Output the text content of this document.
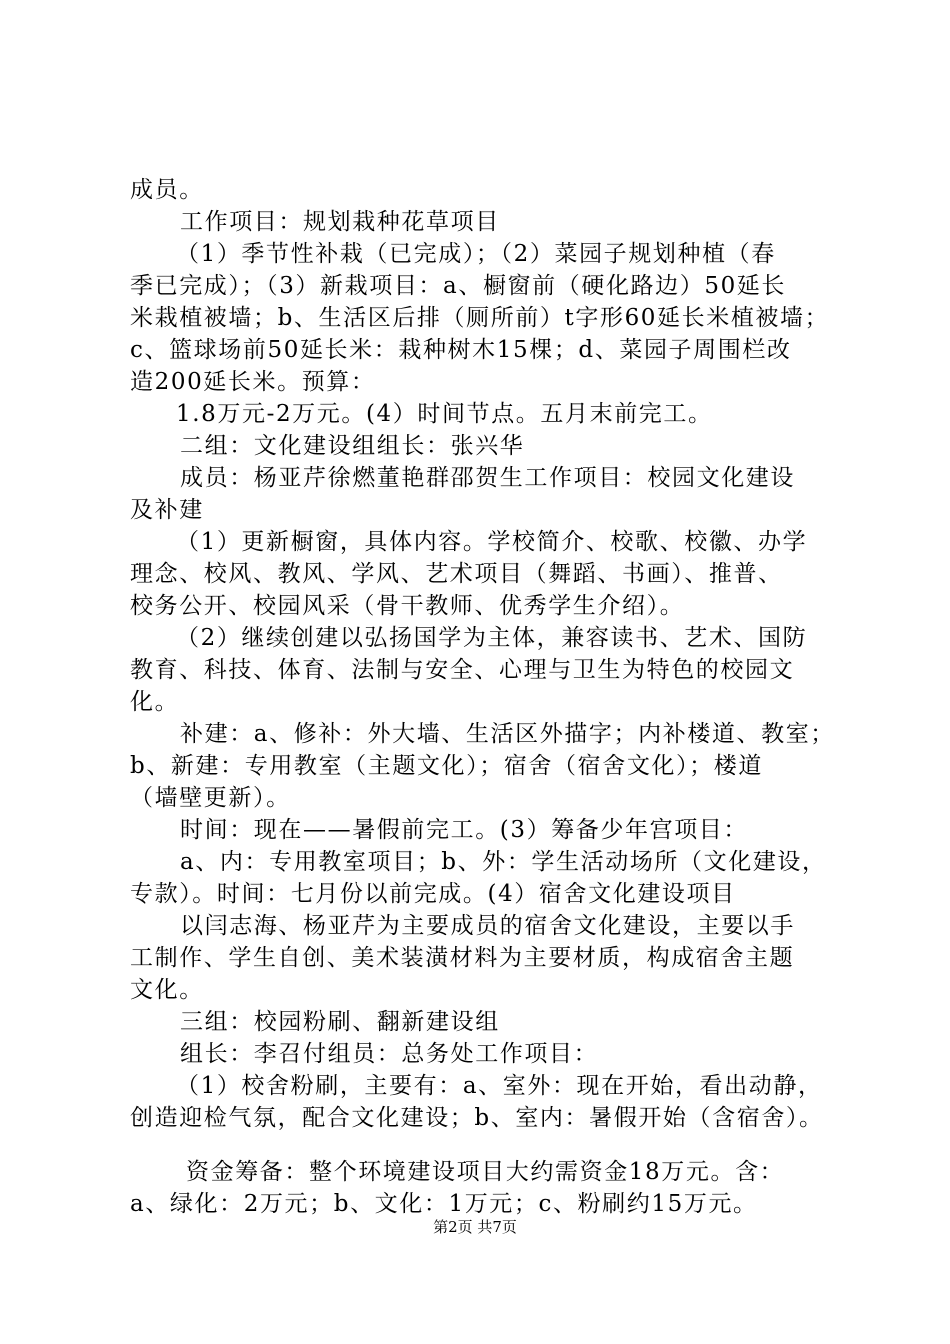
成员。
工作项目：规划栽种花草项目
（1）季节性补栽（已完成）；（2）菜园子规划种植（春
季已完成）；（3）新栽项目：a、橱窗前（硬化路边）50延长
米栽植被墙；b、生活区后排（厕所前）t字形60延长米植被墙；
c、篮球场前50延长米：栽种树木15棵；d、菜园子周围栏改
造200延长米。预算：
1.8万元-2万元。(4）时间节点。五月末前完工。
二组：文化建设组组长：张兴华
成员：杨亚芹徐燃董艳群邵贺生工作项目：校园文化建设
及补建
（1）更新橱窗，具体内容。学校简介、校歌、校徽、办学
理念、校风、教风、学风、艺术项目（舞蹈、书画）、推普、
校务公开、校园风采（骨干教师、优秀学生介绍）。
（2）继续创建以弘扬国学为主体，兼容读书、艺术、国防
教育、科技、体育、法制与安全、心理与卫生为特色的校园文
化。
补建：a、修补：外大墙、生活区外描字；内补楼道、教室；
b、新建：专用教室（主题文化）；宿舍（宿舍文化）；楼道
（墙壁更新）。
时间：现在——暑假前完工。(3）筹备少年宫项目：
a、内：专用教室项目；b、外：学生活动场所（文化建设，
专款）。时间：七月份以前完成。(4）宿舍文化建设项目
以闫志海、杨亚芹为主要成员的宿舍文化建设，主要以手
工制作、学生自创、美术装潢材料为主要材质，构成宿舍主题
文化。
三组：校园粉刷、翻新建设组
组长：李召付组员：总务处工作项目：
（1）校舍粉刷，主要有：a、室外：现在开始，看出动静，
创造迎检气氛，配合文化建设；b、室内：暑假开始（含宿舍）。
资金筹备：整个环境建设项目大约需资金18万元。含：
a、绿化：2万元；b、文化：1万元；c、粉刷约15万元。
第2页 共7页
